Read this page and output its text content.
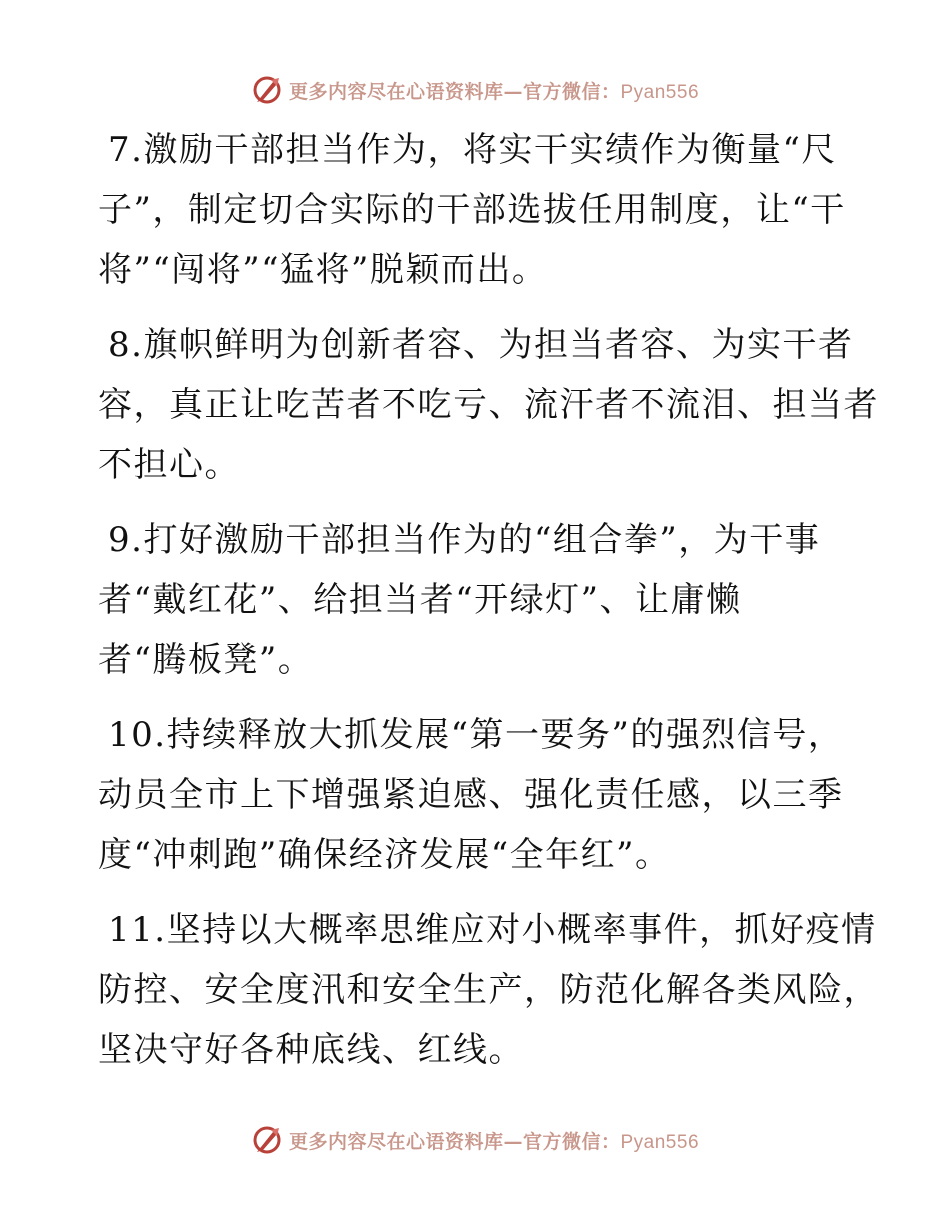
更多内容尽在心语资料库—官方微信：Pyan556
7.激励干部担当作为，将实干实绩作为衡量“尺
子”，制定切合实际的干部选拔任用制度，让“干
将”“闯将”“猛将”脱颖而出。
8.旗帜鲜明为创新者容、为担当者容、为实干者
容，真正让吃苦者不吃亏、流汗者不流泪、担当者
不担心。
9.打好激励干部担当作为的“组合拳”，为干事
者“戴红花”、给担当者“开绿灯”、让庸懒
者“腾板凳”。
10.持续释放大抓发展“第一要务”的强烈信号，
动员全市上下增强紧迫感、强化责任感，以三季
度“冲刺跑”确保经济发展“全年红”。
11.坚持以大概率思维应对小概率事件，抓好疫情
防控、安全度汛和安全生产，防范化解各类风险，
坚决守好各种底线、红线。
更多内容尽在心语资料库—官方微信：Pyan556
